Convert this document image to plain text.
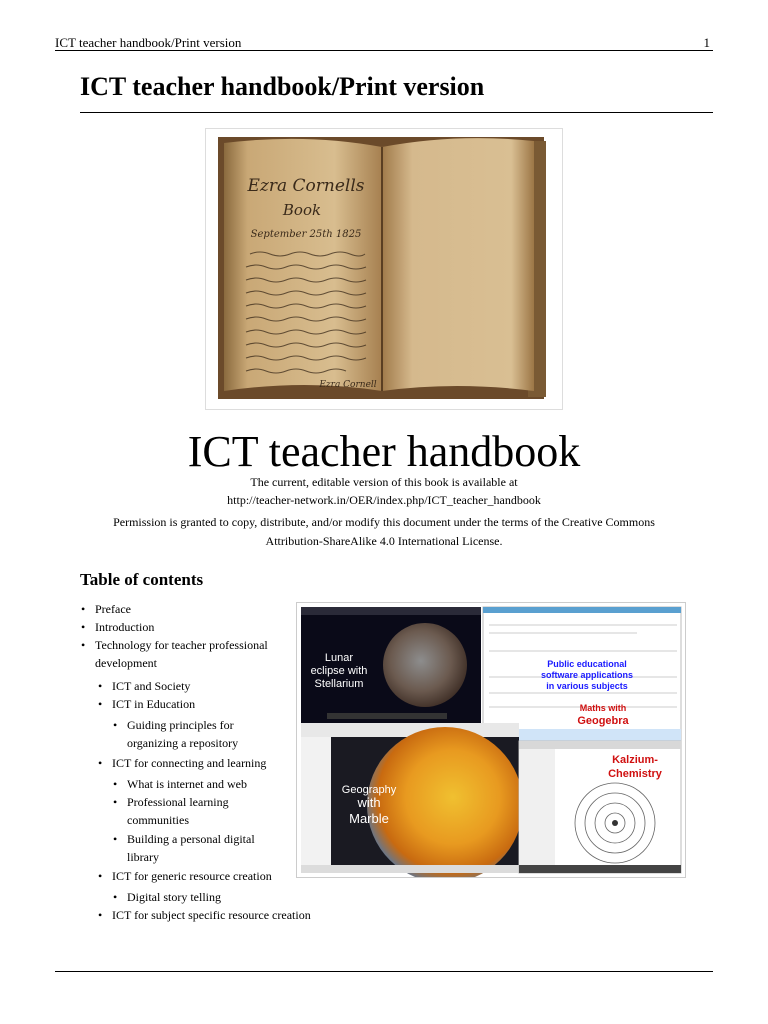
ICT teacher handbook/Print version	1
ICT teacher handbook/Print version
Ezra Cornells
Book
September 25th 1825
Ezra Cornell
ICT teacher handbook
The current, editable version of this book is available at
http://teacher-network.in/OER/index.php/ICT_teacher_handbook
Permission is granted to copy, distribute, and/or modify this document under the terms of the Creative Commons
Attribution-ShareAlike 4.0 International License.
Table of contents
• Preface
• Introduction
• Technology for teacher professional
development
• ICT and Society
• ICT in Education
• Guiding principles for
organizing a repository
• ICT for connecting and learning
• What is internet and web
• Professional learning
communities
• Building a personal digital
library
• ICT for generic resource creation
• Digital story telling
• ICT for subject specific resource creation
Lunar
eclipse with
Stellarium
Public educational
software applications
in various subjects
Maths with
Geogebra
Geography
with
Marble
Kalzium-
Chemistry
